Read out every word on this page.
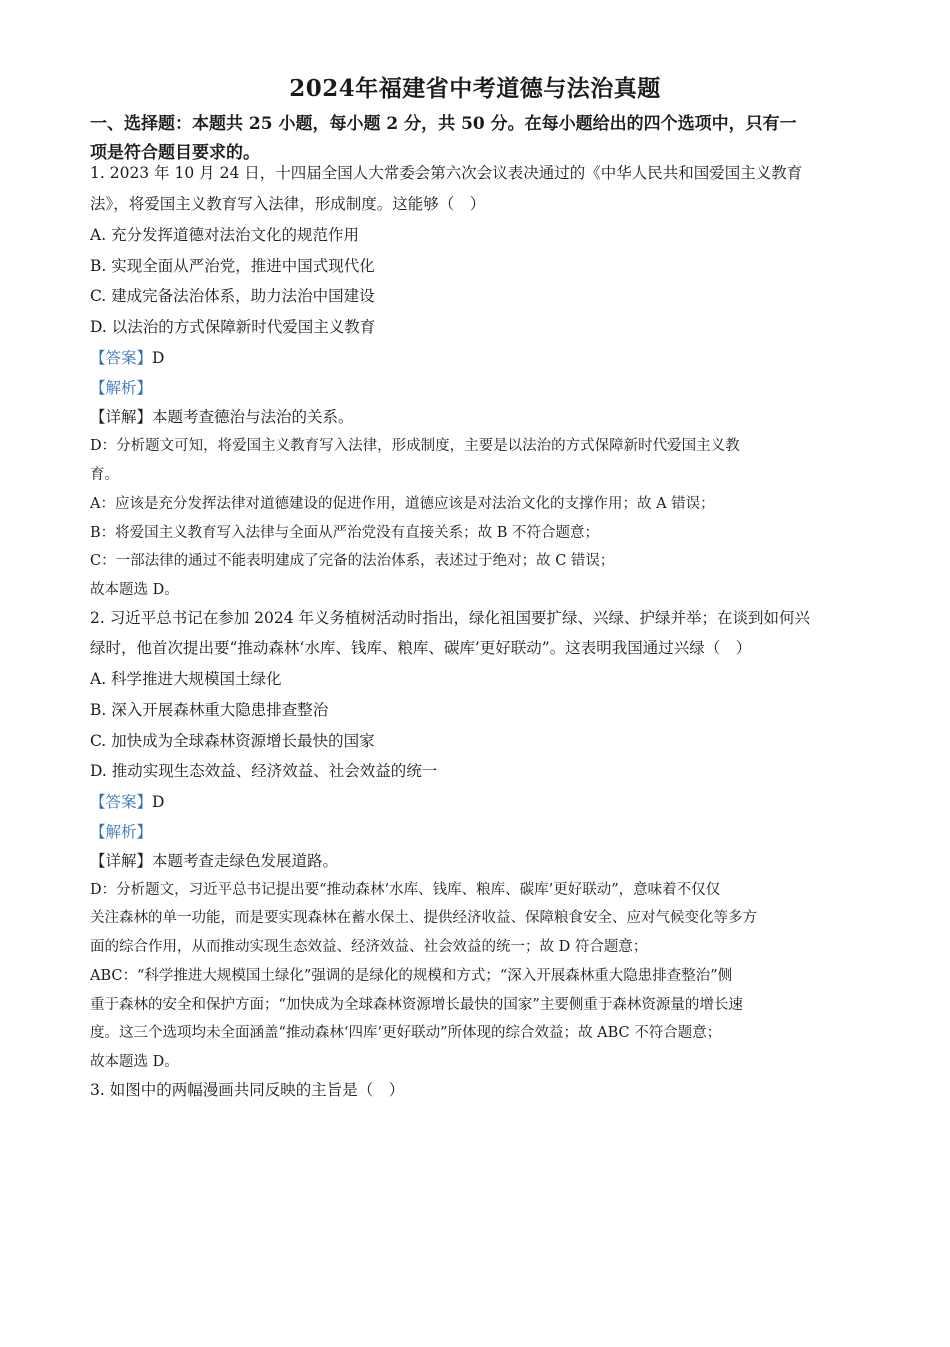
2024年福建省中考道德与法治真题
一、选择题：本题共 25 小题，每小题 2 分，共 50 分。在每小题给出的四个选项中，只有一
项是符合题目要求的。
1. 2023 年 10 月 24 日，十四届全国人大常委会第六次会议表决通过的《中华人民共和国爱国主义教育
法》，将爱国主义教育写入法律，形成制度。这能够（　）
A. 充分发挥道德对法治文化的规范作用
B. 实现全面从严治党，推进中国式现代化
C. 建成完备法治体系，助力法治中国建设
D. 以法治的方式保障新时代爱国主义教育
【答案】D
【解析】
【详解】本题考查德治与法治的关系。
D：分析题文可知，将爱国主义教育写入法律，形成制度，主要是以法治的方式保障新时代爱国主义教
育。
A：应该是充分发挥法律对道德建设的促进作用，道德应该是对法治文化的支撑作用；故 A 错误；
B：将爱国主义教育写入法律与全面从严治党没有直接关系；故 B 不符合题意；
C：一部法律的通过不能表明建成了完备的法治体系，表述过于绝对；故 C 错误；
故本题选 D。
2. 习近平总书记在参加 2024 年义务植树活动时指出，绿化祖国要扩绿、兴绿、护绿并举；在谈到如何兴
绿时，他首次提出要“推动森林‘水库、钱库、粮库、碳库’更好联动”。这表明我国通过兴绿（　）
A. 科学推进大规模国土绿化
B. 深入开展森林重大隐患排查整治
C. 加快成为全球森林资源增长最快的国家
D. 推动实现生态效益、经济效益、社会效益的统一
【答案】D
【解析】
【详解】本题考查走绿色发展道路。
D：分析题文，习近平总书记提出要“推动森林‘水库、钱库、粮库、碳库’更好联动”，意味着不仅仅
关注森林的单一功能，而是要实现森林在蓄水保土、提供经济收益、保障粮食安全、应对气候变化等多方
面的综合作用，从而推动实现生态效益、经济效益、社会效益的统一；故 D 符合题意；
ABC：“科学推进大规模国土绿化”强调的是绿化的规模和方式；“深入开展森林重大隐患排查整治”侧
重于森林的安全和保护方面；“加快成为全球森林资源增长最快的国家”主要侧重于森林资源量的增长速
度。这三个选项均未全面涵盖“推动森林‘四库’更好联动”所体现的综合效益；故 ABC 不符合题意；
故本题选 D。
3. 如图中的两幅漫画共同反映的主旨是（　）
